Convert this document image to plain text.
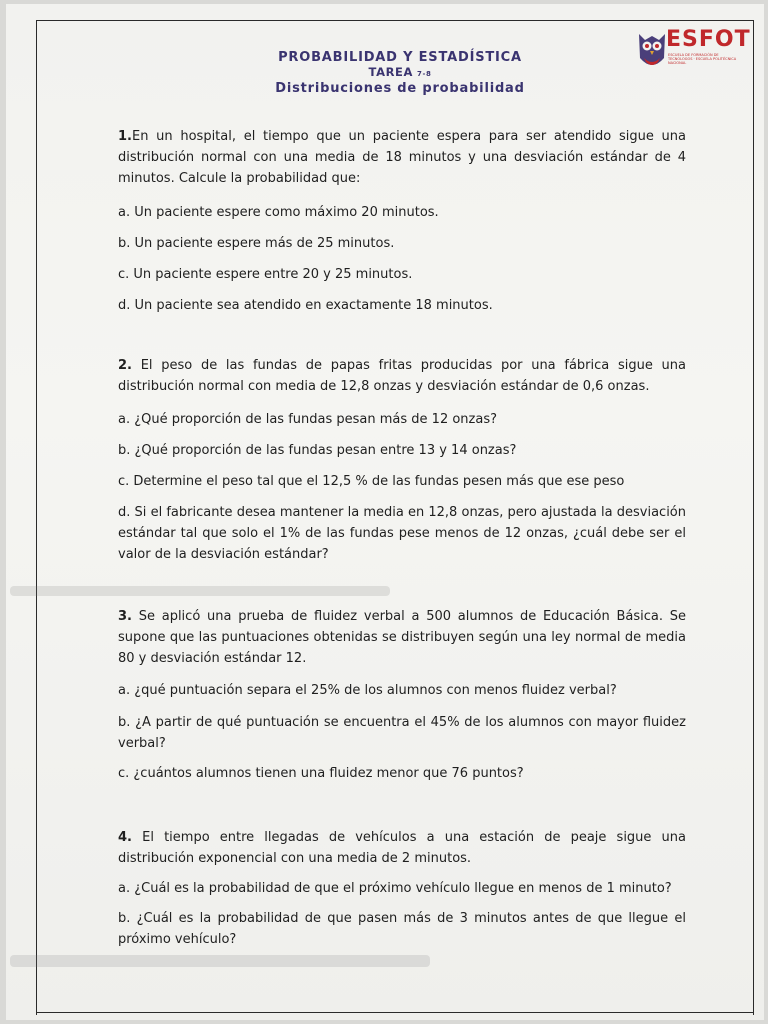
PROBABILIDAD Y ESTADÍSTICA
TAREA 7-8
Distribuciones de probabilidad
ESFOT
ESCUELA DE FORMACIÓN DE TECNÓLOGOS · ESCUELA POLITÉCNICA NACIONAL
1.En un hospital, el tiempo que un paciente espera para ser atendido sigue una distribución normal con una media de 18 minutos y una desviación estándar de 4 minutos. Calcule la probabilidad que:
a. Un paciente espere como máximo 20 minutos.
b. Un paciente espere más de 25 minutos.
c. Un paciente espere entre 20 y 25 minutos.
d. Un paciente sea atendido en exactamente 18 minutos.
2. El peso de las fundas de papas fritas producidas por una fábrica sigue una distribución normal con media de 12,8 onzas y desviación estándar de 0,6 onzas.
a. ¿Qué proporción de las fundas pesan más de 12 onzas?
b. ¿Qué proporción de las fundas pesan entre 13 y 14 onzas?
c. Determine el peso tal que el 12,5 % de las fundas pesen más que ese peso
d. Si el fabricante desea mantener la media en 12,8 onzas, pero ajustada la desviación estándar tal que solo el 1% de las fundas pese menos de 12 onzas, ¿cuál debe ser el valor de la desviación estándar?
3. Se aplicó una prueba de fluidez verbal a 500 alumnos de Educación Básica. Se supone que las puntuaciones obtenidas se distribuyen según una ley normal de media 80 y desviación estándar 12.
a. ¿qué puntuación separa el 25% de los alumnos con menos fluidez verbal?
b. ¿A partir de qué puntuación se encuentra el 45% de los alumnos con mayor fluidez verbal?
c. ¿cuántos alumnos tienen una fluidez menor que 76 puntos?
4. El tiempo entre llegadas de vehículos a una estación de peaje sigue una distribución exponencial con una media de 2 minutos.
a. ¿Cuál es la probabilidad de que el próximo vehículo llegue en menos de 1 minuto?
b. ¿Cuál es la probabilidad de que pasen más de 3 minutos antes de que llegue el próximo vehículo?
